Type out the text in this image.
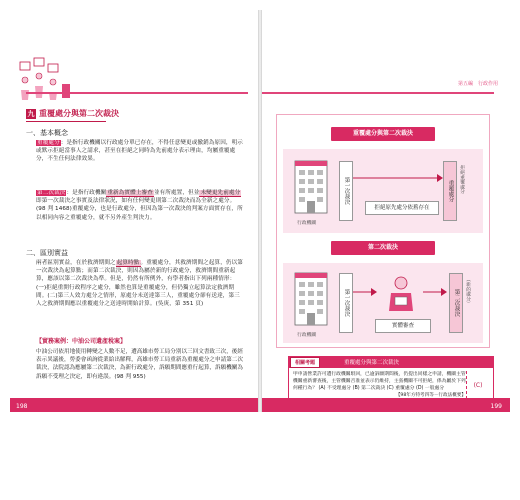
九 重覆處分與第二次裁決
一、基本概念
重覆處分：是指行政機關以行政處分單已存在，不得任意變更或撤銷為原因，明示或默示拒絕當事人之請求，甚至在拒絕之同時為先前處分表示理由，均屬重覆處分，不生任何法律效果。
第二次裁決：是指行政機關重新為實體上審查並有所處置，但並未變更先前處分即第一次裁決之事實及法律狀況，如有任何變更則第二次裁決而為全新之處分。(98 判 1468)重覆處分，也是行政處分，但因為第一次裁決的判案方面實存在，所以相同內容之重覆處分，就不另外產生判決力。
二、區別實益
兩者區別實益，在於救濟期間之起算時點。重覆處分，其救濟期間之起算，仍以第一次裁決為起算點；而第二次裁決，則因為屬於新的行政處分，救濟期間重新起算，應該以第二次裁決為準。但是，仍然有所例外，有學者指出下列兩種情形：(一)拒絕重開行政程序之處分，雖然也算是重覆處分，但仍獨立起算法定救濟期間。(二)第三人效力處分之情形，原處分未送達第三人，重覆處分卻有送達，第三人之救濟期間應以重覆處分之送達時開始計算。(吳庚，第 351 頁)
【實務案例：中油公司遺產稅案】
中油公司依用地使用轉變之人數不足，遭高雄市勞工局分別以三回文書致三次，後經表示異議後，勞委會函詢從業給出解釋，高雄市勞工局重新為重覆處分之申請第二次裁決，法院認為應屬第二次裁決，為新行政處分，訴願期間應重行起算，訴願機關為訴願不受理之決定，即有違誤。(98 判 955)
198
第五編 行政作用
重覆處分與第二次裁決
行政機關
第一次裁決	重覆處分	拒絕重覆處分
拒絕原先處分依舊存在
第二次裁決
行政機關
第一次裁決	第二次裁決	（新的處分）
實體審查
相關考題	重覆處分與第二次裁決
甲申請營業許可遭行政機關駁回，已逾訴願期間後，仍提出同樣之申請，機關主管機關重新審查後，主管機關否准並表示仍維持，主張機關不可拒絕，係為屬於下列何種行為？ (A) 不受理處分 (B) 第二次裁決 (C) 重覆處分 (D) 一般處分
【98年方特考四等－行政法概要】
(C)
199
